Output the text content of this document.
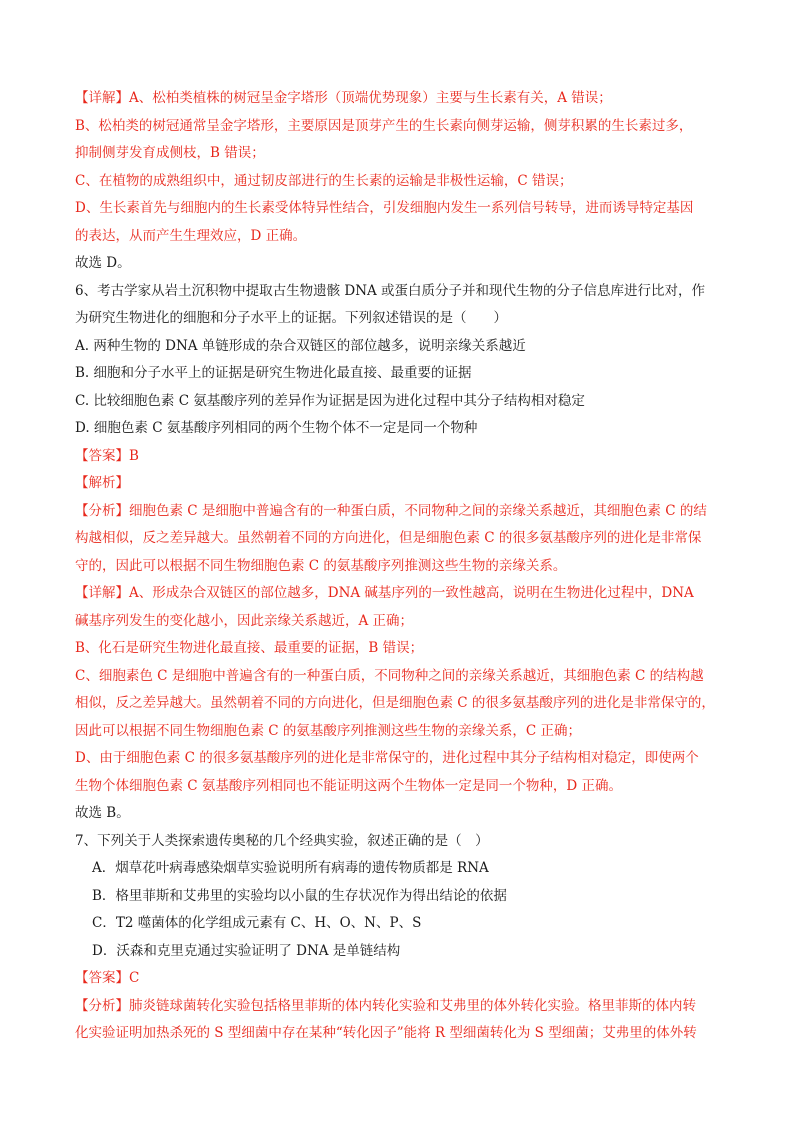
【详解】A、松柏类植株的树冠呈金字塔形（顶端优势现象）主要与生长素有关，A 错误；
B、松柏类的树冠通常呈金字塔形，主要原因是顶芽产生的生长素向侧芽运输，侧芽积累的生长素过多，
抑制侧芽发育成侧枝，B 错误；
C、在植物的成熟组织中，通过韧皮部进行的生长素的运输是非极性运输，C 错误；
D、生长素首先与细胞内的生长素受体特异性结合，引发细胞内发生一系列信号转导，进而诱导特定基因
的表达，从而产生生理效应，D 正确。
故选 D。
6、考古学家从岩土沉积物中提取古生物遗骸 DNA 或蛋白质分子并和现代生物的分子信息库进行比对，作
为研究生物进化的细胞和分子水平上的证据。下列叙述错误的是（　　）
A. 两种生物的 DNA 单链形成的杂合双链区的部位越多，说明亲缘关系越近
B. 细胞和分子水平上的证据是研究生物进化最直接、最重要的证据
C. 比较细胞色素 C 氨基酸序列的差异作为证据是因为进化过程中其分子结构相对稳定
D. 细胞色素 C 氨基酸序列相同的两个生物个体不一定是同一个物种
【答案】B
【解析】
【分析】细胞色素 C 是细胞中普遍含有的一种蛋白质，不同物种之间的亲缘关系越近，其细胞色素 C 的结
构越相似，反之差异越大。虽然朝着不同的方向进化，但是细胞色素 C 的很多氨基酸序列的进化是非常保
守的，因此可以根据不同生物细胞色素 C 的氨基酸序列推测这些生物的亲缘关系。
【详解】A、形成杂合双链区的部位越多，DNA 碱基序列的一致性越高，说明在生物进化过程中，DNA
碱基序列发生的变化越小，因此亲缘关系越近，A 正确；
B、化石是研究生物进化最直接、最重要的证据，B 错误；
C、细胞素色 C 是细胞中普遍含有的一种蛋白质，不同物种之间的亲缘关系越近，其细胞色素 C 的结构越
相似，反之差异越大。虽然朝着不同的方向进化，但是细胞色素 C 的很多氨基酸序列的进化是非常保守的，
因此可以根据不同生物细胞色素 C 的氨基酸序列推测这些生物的亲缘关系，C 正确；
D、由于细胞色素 C 的很多氨基酸序列的进化是非常保守的，进化过程中其分子结构相对稳定，即使两个
生物个体细胞色素 C 氨基酸序列相同也不能证明这两个生物体一定是同一个物种，D 正确。
故选 B。
7、下列关于人类探索遗传奥秘的几个经典实验，叙述正确的是（　）
A．烟草花叶病毒感染烟草实验说明所有病毒的遗传物质都是 RNA
B．格里菲斯和艾弗里的实验均以小鼠的生存状况作为得出结论的依据
C．T2 噬菌体的化学组成元素有 C、H、O、N、P、S
D．沃森和克里克通过实验证明了 DNA 是单链结构
【答案】C
【分析】肺炎链球菌转化实验包括格里菲斯的体内转化实验和艾弗里的体外转化实验。格里菲斯的体内转
化实验证明加热杀死的 S 型细菌中存在某种“转化因子”能将 R 型细菌转化为 S 型细菌；艾弗里的体外转
